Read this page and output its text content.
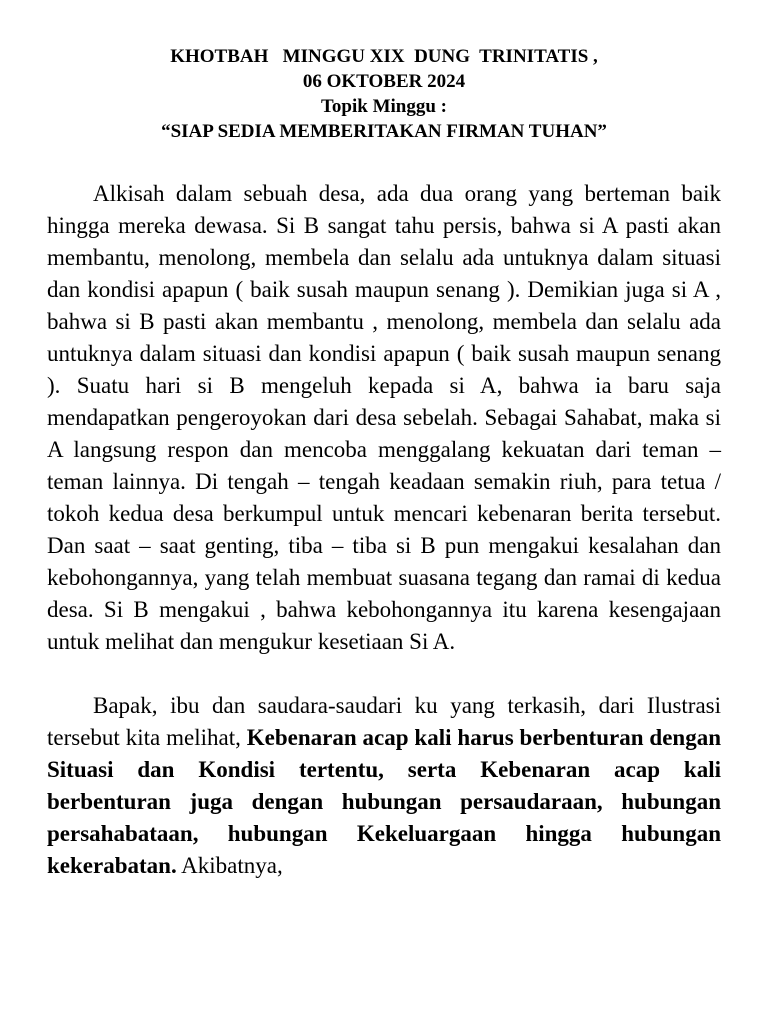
KHOTBAH   MINGGU XIX  DUNG  TRINITATIS ,
06 OKTOBER 2024
Topik Minggu :
“SIAP SEDIA MEMBERITAKAN FIRMAN TUHAN”

Alkisah dalam sebuah desa, ada dua orang yang berteman baik hingga mereka dewasa. Si B sangat tahu persis, bahwa si A pasti akan membantu, menolong, membela dan selalu ada untuknya dalam situasi dan kondisi apapun ( baik susah maupun senang ). Demikian juga si A , bahwa si B pasti akan membantu , menolong, membela dan selalu ada untuknya dalam situasi dan kondisi apapun ( baik susah maupun senang ). Suatu hari si B mengeluh kepada si A, bahwa ia baru saja mendapatkan pengeroyokan dari desa sebelah. Sebagai Sahabat, maka si A langsung respon dan mencoba menggalang kekuatan dari teman – teman lainnya. Di tengah – tengah keadaan semakin riuh, para tetua / tokoh kedua desa berkumpul untuk mencari kebenaran berita tersebut. Dan saat – saat genting, tiba – tiba si B pun mengakui kesalahan dan kebohongannya, yang telah membuat suasana tegang dan ramai di kedua desa. Si B mengakui , bahwa kebohongannya itu karena kesengajaan untuk melihat dan mengukur kesetiaan Si A.

Bapak, ibu dan saudara-saudari ku yang terkasih, dari Ilustrasi tersebut kita melihat, Kebenaran acap kali harus berbenturan dengan Situasi dan Kondisi tertentu, serta Kebenaran acap kali berbenturan juga dengan hubungan persaudaraan, hubungan persahabataan, hubungan Kekeluargaan hingga hubungan kekerabatan. Akibatnya,
